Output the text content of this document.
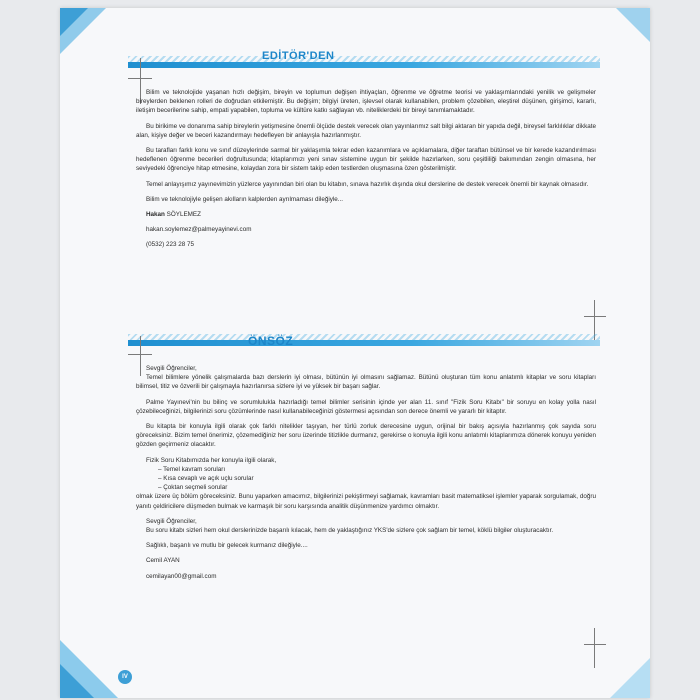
EDİTÖR'DEN

Bilim ve teknolojide yaşanan hızlı değişim, bireyin ve toplumun değişen ihtiyaçları, öğrenme ve öğretme teorisi ve yaklaşımlarındaki yenilik ve gelişmeler bireylerden beklenen rolleri de doğrudan etkilemiştir. Bu değişim; bilgiyi üreten, işlevsel olarak kullanabilen, problem çözebilen, eleştirel düşünen, girişimci, kararlı, iletişim becerilerine sahip, empati yapabilen, topluma ve kültüre katkı sağlayan vb. niteliklerdeki bir bireyi tanımlamaktadır.

Bu birikime ve donanıma sahip bireylerin yetişmesine önemli ölçüde destek verecek olan yayınlarımız salt bilgi aktaran bir yapıda değil, bireysel farklılıklar dikkate alan, kişiye değer ve beceri kazandırmayı hedefleyen bir anlayışla hazırlanmıştır.

Bu tarafları farklı konu ve sınıf düzeylerinde sarmal bir yaklaşımla tekrar eden kazanımlara ve açıklamalara, diğer taraftan bütünsel ve bir kerede kazandırılması hedeflenen öğrenme becerileri doğrultusunda; kitaplarımızı yeni sınav sistemine uygun bir şekilde hazırlarken, soru çeşitliliği bakımından zengin olmasına, her seviyedeki öğrenciye hitap etmesine, kolaydan zora bir sistem takip eden testlerden oluşmasına özen gösterilmiştir.

Temel anlayışımız yayınevimizin yüzlerce yayınından biri olan bu kitabın, sınava hazırlık dışında okul derslerine de destek verecek önemli bir kaynak olmasıdır.

Bilim ve teknolojiyle gelişen akılların kalplerden ayrılmaması dileğiyle...

Hakan SÖYLEMEZ

hakan.soylemez@palmeyayinevi.com

(0532) 223 28 75

ÖNSÖZ

Sevgili Öğrenciler,

Temel bilimlere yönelik çalışmalarda bazı derslerin iyi olması, bütünün iyi olmasını sağlamaz. Bütünü oluşturan tüm konu anlatımlı kitaplar ve soru kitapları bilimsel, titiz ve özverili bir çalışmayla hazırlanırsa sizlere iyi ve yüksek bir başarı sağlar.

Palme Yayınevi'nin bu bilinç ve sorumlulukla hazırladığı temel bilimler serisinin içinde yer alan 11. sınıf "Fizik Soru Kitabı" bir soruyu en kolay yolla nasıl çözebileceğinizi, bilgilerinizi soru çözümlerinde nasıl kullanabileceğinizi göstermesi açısından son derece önemli ve yararlı bir kitaptır.

Bu kitapta bir konuyla ilgili olarak çok farklı nitelikler taşıyan, her türlü zorluk derecesine uygun, orijinal bir bakış açısıyla hazırlanmış çok sayıda soru göreceksiniz. Bizim temel önerimiz, çözemediğiniz her soru üzerinde titizlikle durmanız, gerekirse o konuyla ilgili konu anlatımlı kitaplarımıza dönerek konuyu yeniden gözden geçirmeniz olacaktır.

Fizik Soru Kitabımızda her konuyla ilgili olarak,

– Temel kavram soruları

– Kısa cevaplı ve açık uçlu sorular

– Çoktan seçmeli sorular

olmak üzere üç bölüm göreceksiniz. Bunu yaparken amacımız, bilgilerinizi pekiştirmeyi sağlamak, kavramları basit matematiksel işlemler yaparak sorgulamak, doğru yanıtı çeldiricilere düşmeden bulmak ve karmaşık bir soru karşısında analitik düşünmenize yardımcı olmaktır.

Sevgili Öğrenciler,

Bu soru kitabı sizleri hem okul derslerinizde başarılı kılacak, hem de yaklaştığınız YKS'de sizlere çok sağlam bir temel, köklü bilgiler oluşturacaktır.

Sağlıklı, başarılı ve mutlu bir gelecek kurmanız dileğiyle....

Cemil AYAN

cemilayan00@gmail.com

IV
